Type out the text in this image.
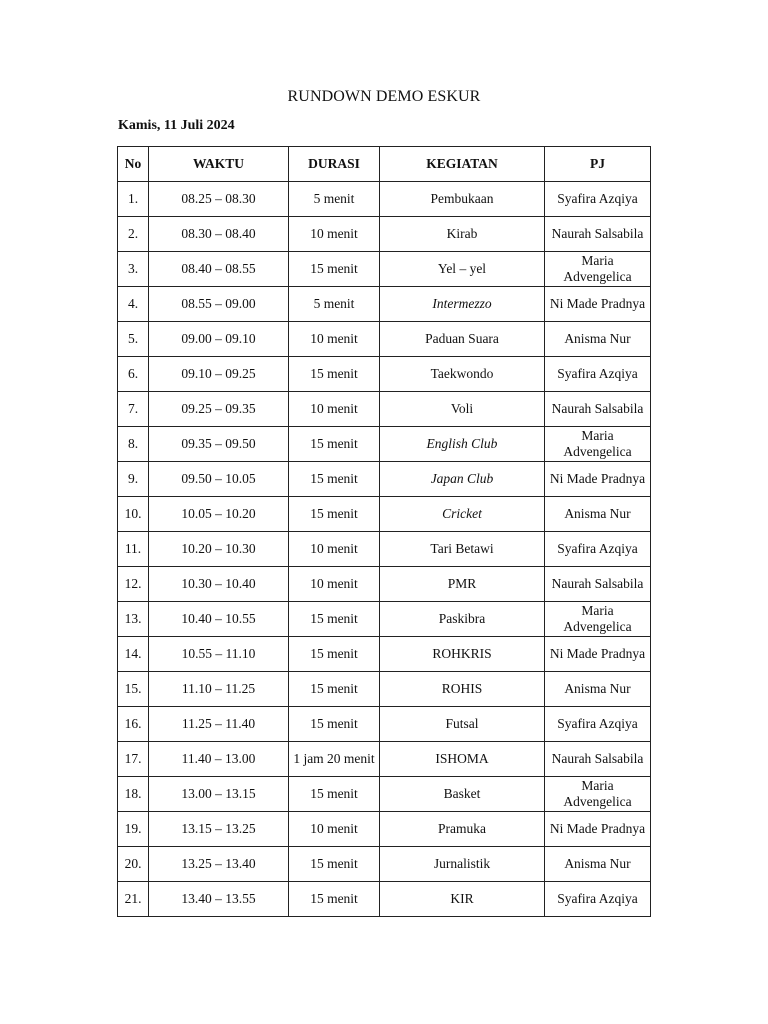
RUNDOWN DEMO ESKUR
Kamis, 11 Juli 2024
No	WAKTU	DURASI	KEGIATAN	PJ
1.	08.25 – 08.30	5 menit	Pembukaan	Syafira Azqiya
2.	08.30 – 08.40	10 menit	Kirab	Naurah Salsabila
3.	08.40 – 08.55	15 menit	Yel – yel	Maria Advengelica
4.	08.55 – 09.00	5 menit	Intermezzo	Ni Made Pradnya
5.	09.00 – 09.10	10 menit	Paduan Suara	Anisma Nur
6.	09.10 – 09.25	15 menit	Taekwondo	Syafira Azqiya
7.	09.25 – 09.35	10 menit	Voli	Naurah Salsabila
8.	09.35 – 09.50	15 menit	English Club	Maria Advengelica
9.	09.50 – 10.05	15 menit	Japan Club	Ni Made Pradnya
10.	10.05 – 10.20	15 menit	Cricket	Anisma Nur
11.	10.20 – 10.30	10 menit	Tari Betawi	Syafira Azqiya
12.	10.30 – 10.40	10 menit	PMR	Naurah Salsabila
13.	10.40 – 10.55	15 menit	Paskibra	Maria Advengelica
14.	10.55 – 11.10	15 menit	ROHKRIS	Ni Made Pradnya
15.	11.10 – 11.25	15 menit	ROHIS	Anisma Nur
16.	11.25 – 11.40	15 menit	Futsal	Syafira Azqiya
17.	11.40 – 13.00	1 jam 20 menit	ISHOMA	Naurah Salsabila
18.	13.00 – 13.15	15 menit	Basket	Maria Advengelica
19.	13.15 – 13.25	10 menit	Pramuka	Ni Made Pradnya
20.	13.25 – 13.40	15 menit	Jurnalistik	Anisma Nur
21.	13.40 – 13.55	15 menit	KIR	Syafira Azqiya
